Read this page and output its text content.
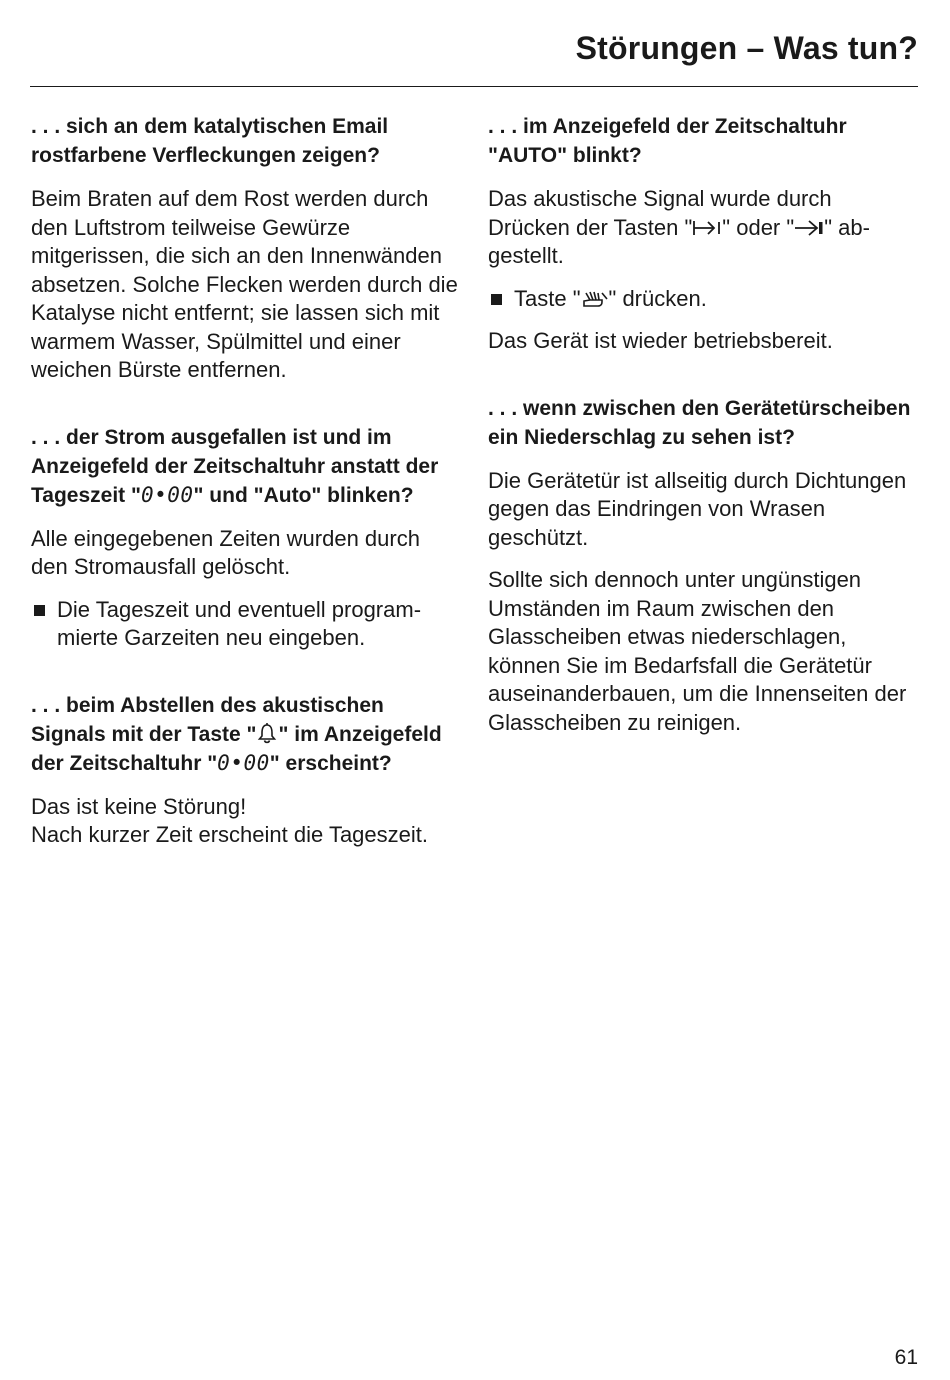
Störungen – Was tun?

. . . sich an dem katalytischen Email rostfarbene Verfleckungen zeigen?

Beim Braten auf dem Rost werden durch den Luftstrom teilweise Gewürze mitgerissen, die sich an den Innenwänden absetzen. Solche Flecken werden durch die Katalyse nicht entfernt; sie lassen sich mit warmem Wasser, Spülmittel und einer weichen Bürste entfernen.

. . . der Strom ausgefallen ist und im Anzeigefeld der Zeitschaltuhr anstatt der Tageszeit "0•00" und "Auto" blinken?

Alle eingegebenen Zeiten wurden durch den Stromausfall gelöscht.

Die Tageszeit und eventuell programmierte Garzeiten neu eingeben.

. . . beim Abstellen des akustischen Signals mit der Taste " " im Anzeigefeld der Zeitschaltuhr "0•00" erscheint?

Das ist keine Störung!
Nach kurzer Zeit erscheint die Tageszeit.

. . . im Anzeigefeld der Zeitschaltuhr "AUTO" blinkt?

Das akustische Signal wurde durch Drücken der Tasten " " oder " " abgestellt.

Taste " " drücken.

Das Gerät ist wieder betriebsbereit.

. . . wenn zwischen den Gerätetürscheiben ein Niederschlag zu sehen ist?

Die Gerätetür ist allseitig durch Dichtungen gegen das Eindringen von Wrasen geschützt.

Sollte sich dennoch unter ungünstigen Umständen im Raum zwischen den Glasscheiben etwas niederschlagen, können Sie im Bedarfsfall die Gerätetür auseinanderbauen, um die Innenseiten der Glasscheiben zu reinigen.

61
